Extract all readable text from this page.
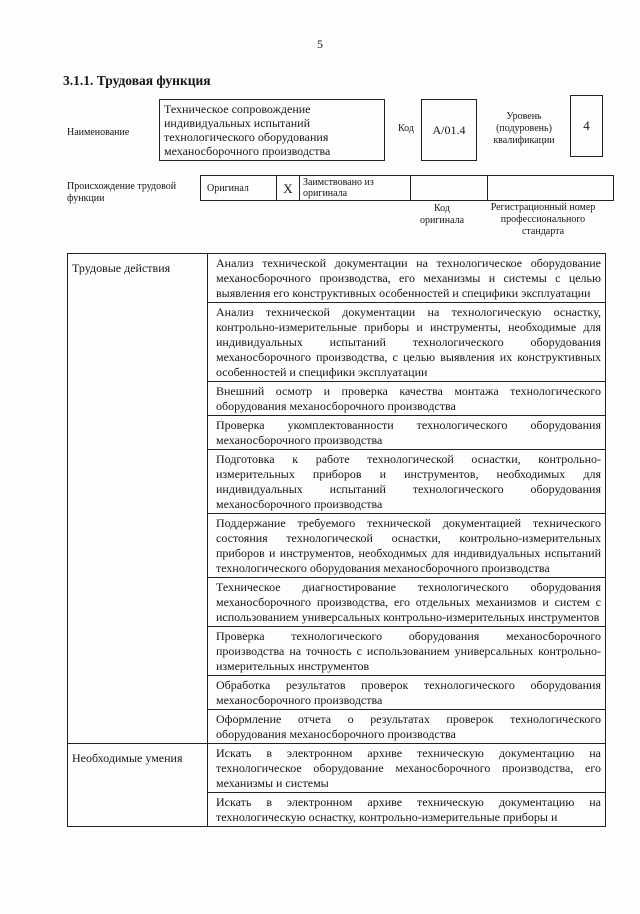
5
3.1.1. Трудовая функция
Наименование
Техническое сопровождение индивидуальных испытаний технологического оборудования механосборочного производства
Код А/01.4
Уровень (подуровень) квалификации
4
Происхождение трудовой функции
Оригинал	X	Заимствовано из оригинала		
Код оригинала
Регистрационный номер профессионального стандарта
Трудовые действия	Анализ технической документации на технологическое оборудование механосборочного производства, его механизмы и системы с целью выявления его конструктивных особенностей и специфики эксплуатации
	Анализ технической документации на технологическую оснастку, контрольно-измерительные приборы и инструменты, необходимые для индивидуальных испытаний технологического оборудования механосборочного производства, с целью выявления их конструктивных особенностей и специфики эксплуатации
	Внешний осмотр и проверка качества монтажа технологического оборудования механосборочного производства
	Проверка укомплектованности технологического оборудования механосборочного производства
	Подготовка к работе технологической оснастки, контрольно-измерительных приборов и инструментов, необходимых для индивидуальных испытаний технологического оборудования механосборочного производства
	Поддержание требуемого технической документацией технического состояния технологической оснастки, контрольно-измерительных приборов и инструментов, необходимых для индивидуальных испытаний технологического оборудования механосборочного производства
	Техническое диагностирование технологического оборудования механосборочного производства, его отдельных механизмов и систем с использованием универсальных контрольно-измерительных инструментов
	Проверка технологического оборудования механосборочного производства на точность с использованием универсальных контрольно-измерительных инструментов
	Обработка результатов проверок технологического оборудования механосборочного производства
	Оформление отчета о результатах проверок технологического оборудования механосборочного производства
Необходимые умения	Искать в электронном архиве техническую документацию на технологическое оборудование механосборочного производства, его механизмы и системы
	Искать в электронном архиве техническую документацию на технологическую оснастку, контрольно-измерительные приборы и
